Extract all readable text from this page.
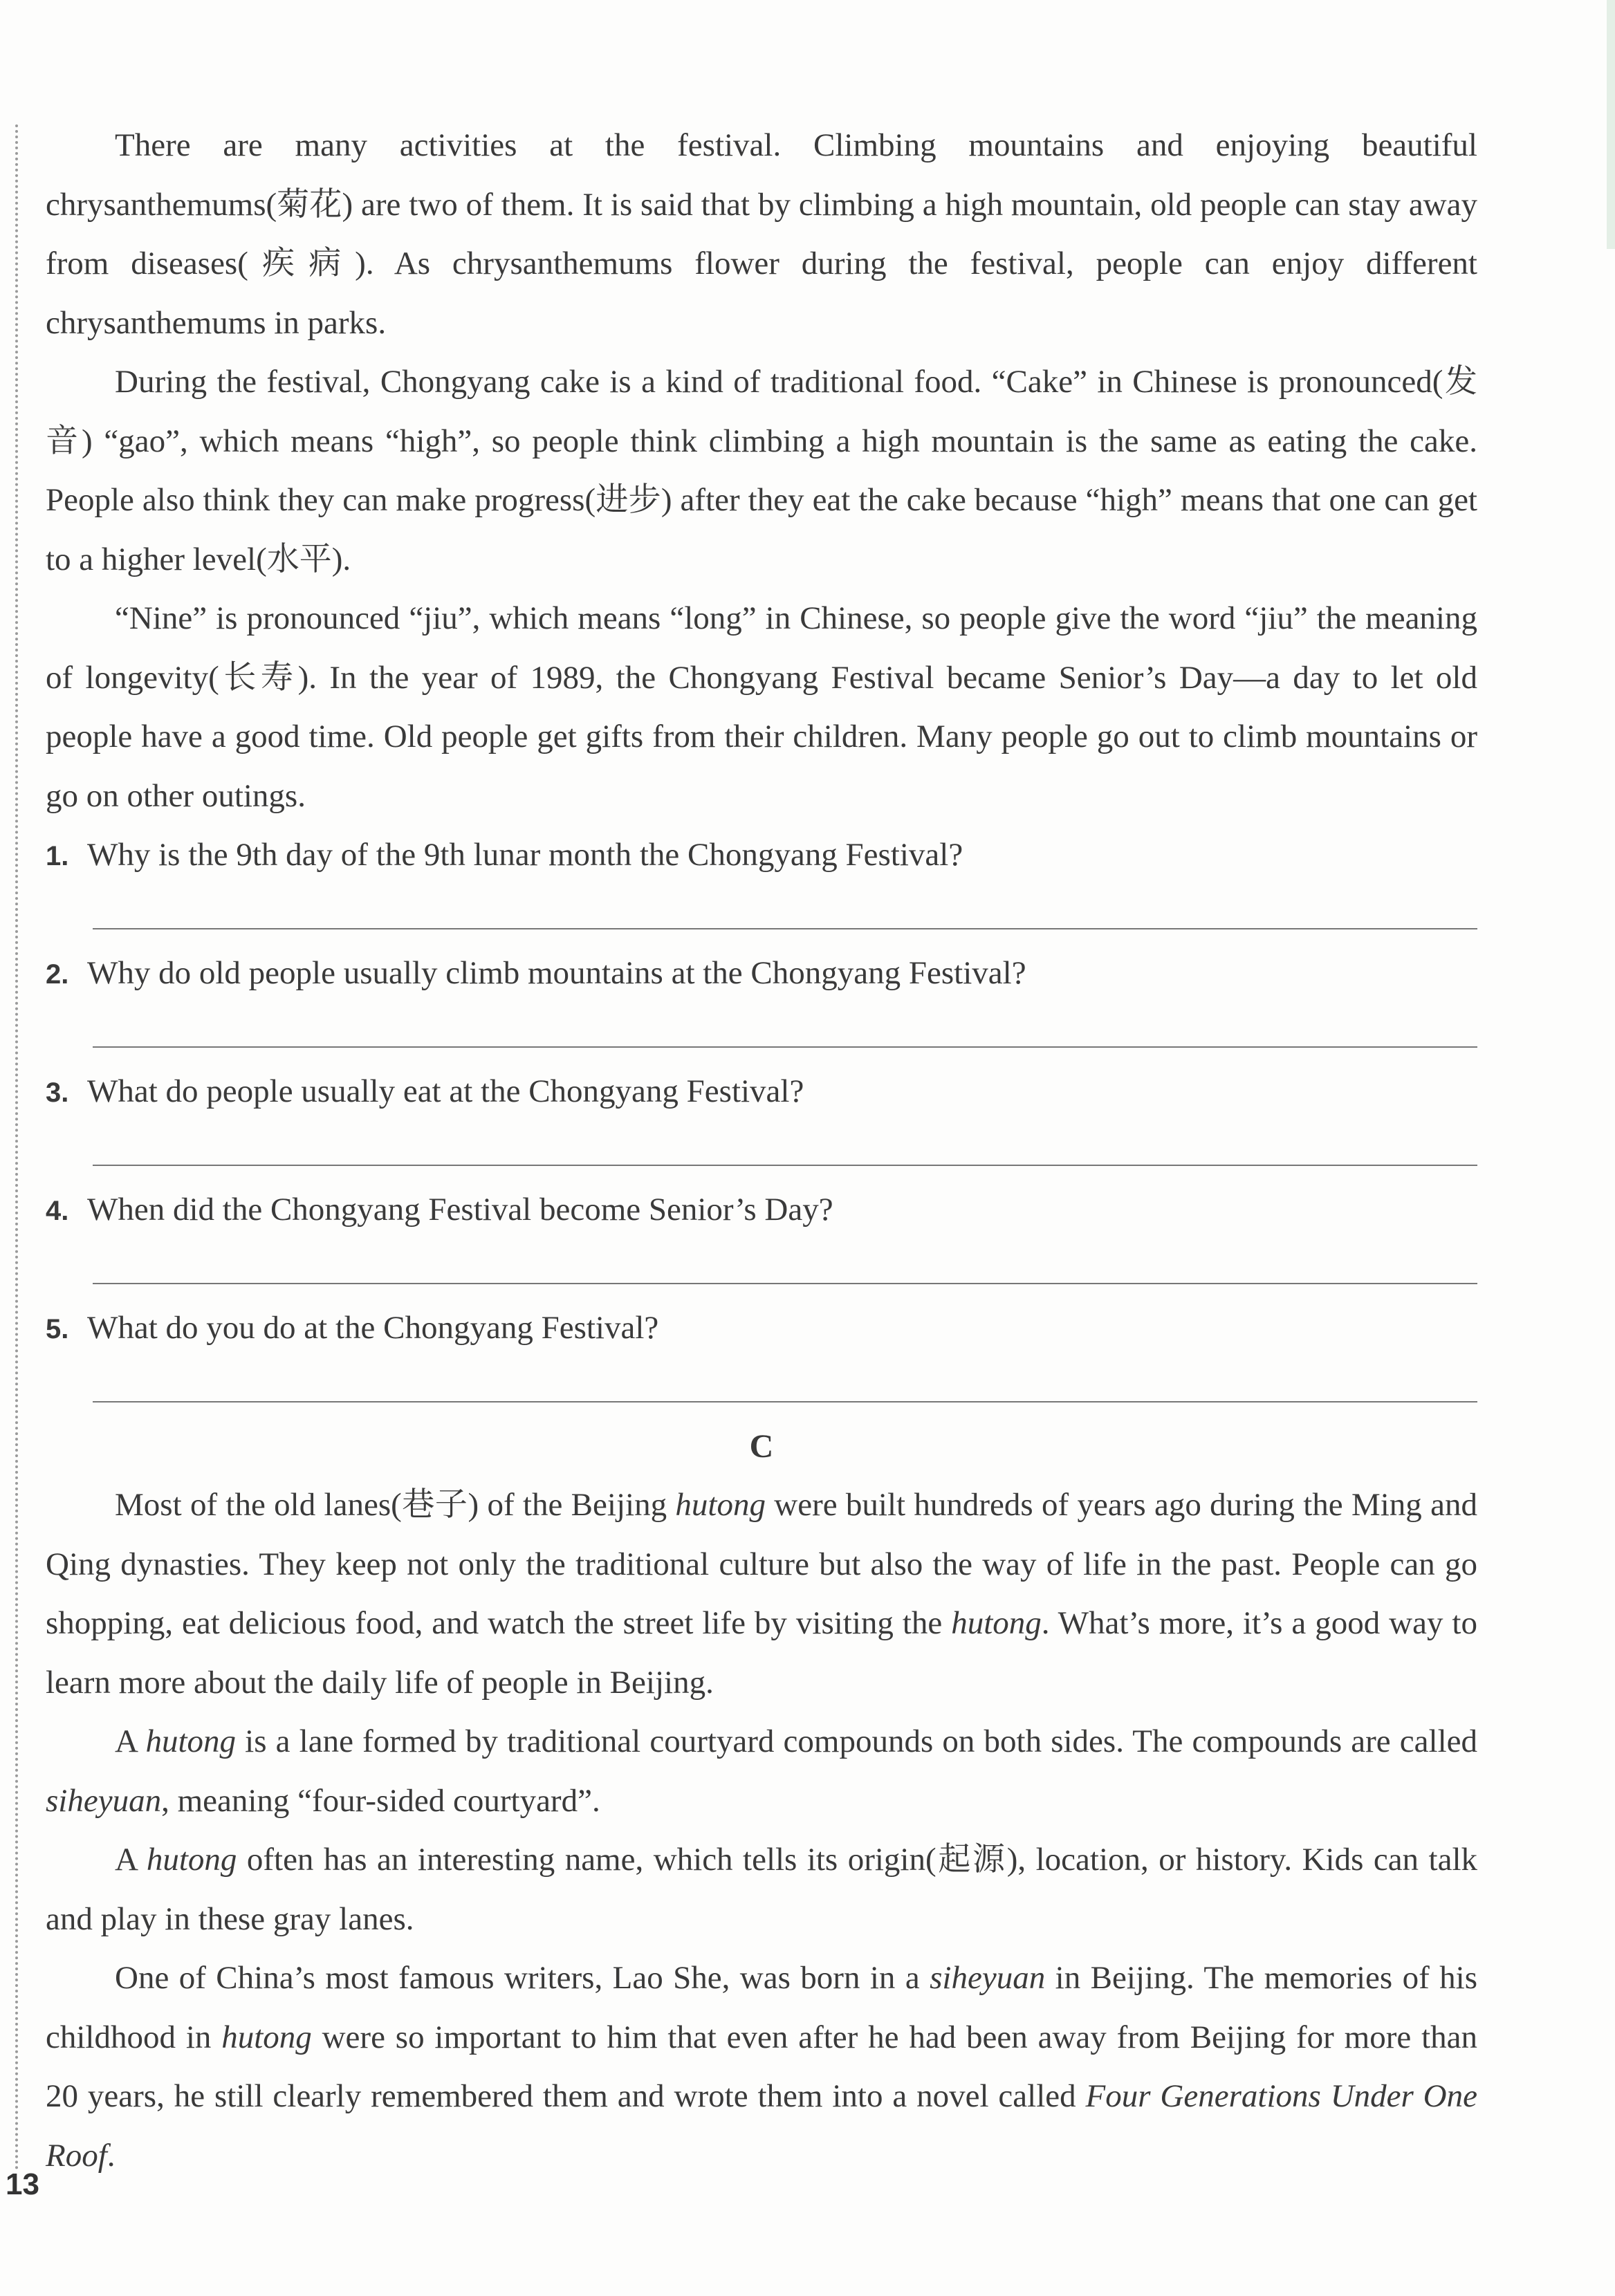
There are many activities at the festival. Climbing mountains and enjoying beautiful chrysanthemums(菊花) are two of them. It is said that by climbing a high mountain, old people can stay away from diseases(疾病). As chrysanthemums flower during the festival, people can enjoy different chrysanthemums in parks.

During the festival, Chongyang cake is a kind of traditional food. “Cake” in Chinese is pronounced(发音) “gao”, which means “high”, so people think climbing a high mountain is the same as eating the cake. People also think they can make progress(进步) after they eat the cake because “high” means that one can get to a higher level(水平).

“Nine” is pronounced “jiu”, which means “long” in Chinese, so people give the word “jiu” the meaning of longevity(长寿). In the year of 1989, the Chongyang Festival became Senior’s Day—a day to let old people have a good time. Old people get gifts from their children. Many people go out to climb mountains or go on other outings.

1. Why is the 9th day of the 9th lunar month the Chongyang Festival?
2. Why do old people usually climb mountains at the Chongyang Festival?
3. What do people usually eat at the Chongyang Festival?
4. When did the Chongyang Festival become Senior’s Day?
5. What do you do at the Chongyang Festival?
C

Most of the old lanes(巷子) of the Beijing hutong were built hundreds of years ago during the Ming and Qing dynasties. They keep not only the traditional culture but also the way of life in the past. People can go shopping, eat delicious food, and watch the street life by visiting the hutong. What’s more, it’s a good way to learn more about the daily life of people in Beijing.

A hutong is a lane formed by traditional courtyard compounds on both sides. The compounds are called siheyuan, meaning “four-sided courtyard”.

A hutong often has an interesting name, which tells its origin(起源), location, or history. Kids can talk and play in these gray lanes.

One of China’s most famous writers, Lao She, was born in a siheyuan in Beijing. The memories of his childhood in hutong were so important to him that even after he had been away from Beijing for more than 20 years, he still clearly remembered them and wrote them into a novel called Four Generations Under One Roof.

13
